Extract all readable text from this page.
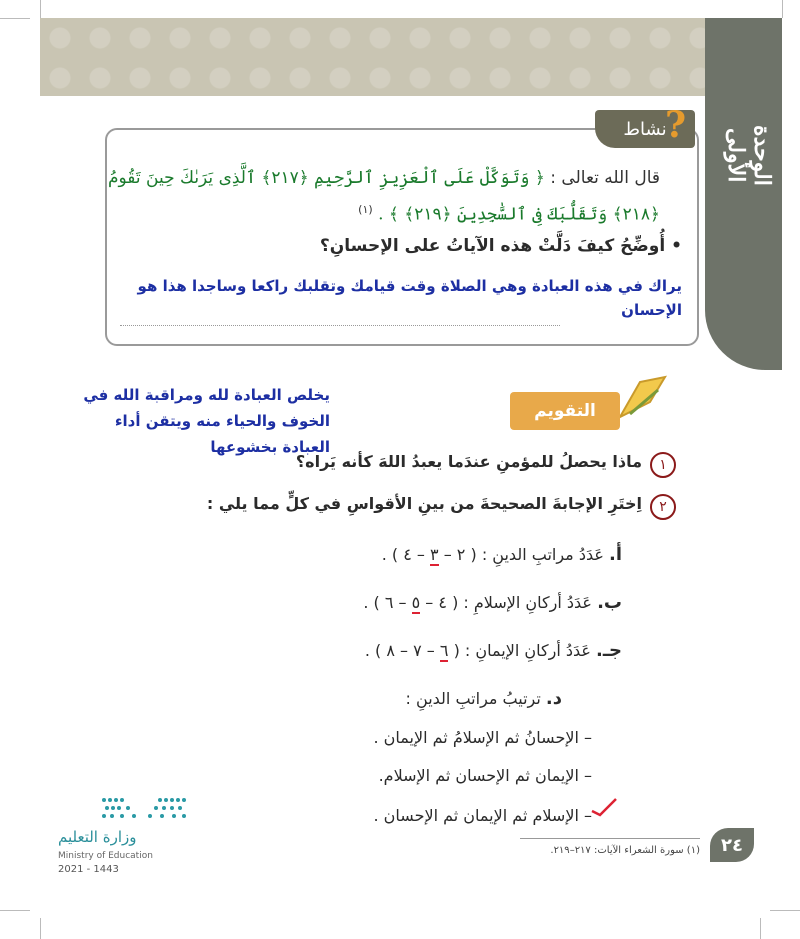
الوحدة الأولى
نشاط
?
قال الله تعالى : ﴿ وَتَوَكَّلْ عَلَى ٱلْعَزِيزِ ٱلرَّحِيمِ ﴿٢١٧﴾ ٱلَّذِى يَرَىٰكَ حِينَ تَقُومُ ﴿٢١٨﴾ وَتَقَلُّبَكَ فِى ٱلسَّٰجِدِينَ ﴿٢١٩﴾ ﴾ . $^{(١)}$
• أُوضِّحُ كيفَ دَلَّتْ هذه الآياتُ على الإحسانِ؟
يراك في هذه العبادة وهي الصلاة وقت قيامك وتقلبك راكعا وساجدا هذا هو الإحسان
التقويم
يخلص العبادة لله ومراقبة الله في الخوف والحياء منه ويتقن أداء العبادة بخشوعها
١
ماذا يحصلُ للمؤمنِ عندَما يعبدُ اللهَ كأنه يَراه؟
٢
اِختَرِ الإجابةَ الصحيحةَ من بينِ الأقواسِ في كلٍّ مما يلي :
أ. عَدَدُ مراتبِ الدينِ : ( ٢ – ٣ – ٤ ) .
ب. عَدَدُ أركانِ الإسلامِ : ( ٤ – ٥ – ٦ ) .
جـ. عَدَدُ أركانِ الإيمانِ : ( ٦ – ٧ – ٨ ) .
د. ترتيبُ مراتبِ الدينِ :
– الإحسانُ ثم الإسلامُ ثم الإيمان .
– الإيمان ثم الإحسان ثم الإسلام.
– الإسلام ثم الإيمان ثم الإحسان .
(١) سورة الشعراء الآيات: ٢١٧–٢١٩.	٢٤
وزارة التعليم
Ministry of Education
2021 - 1443
